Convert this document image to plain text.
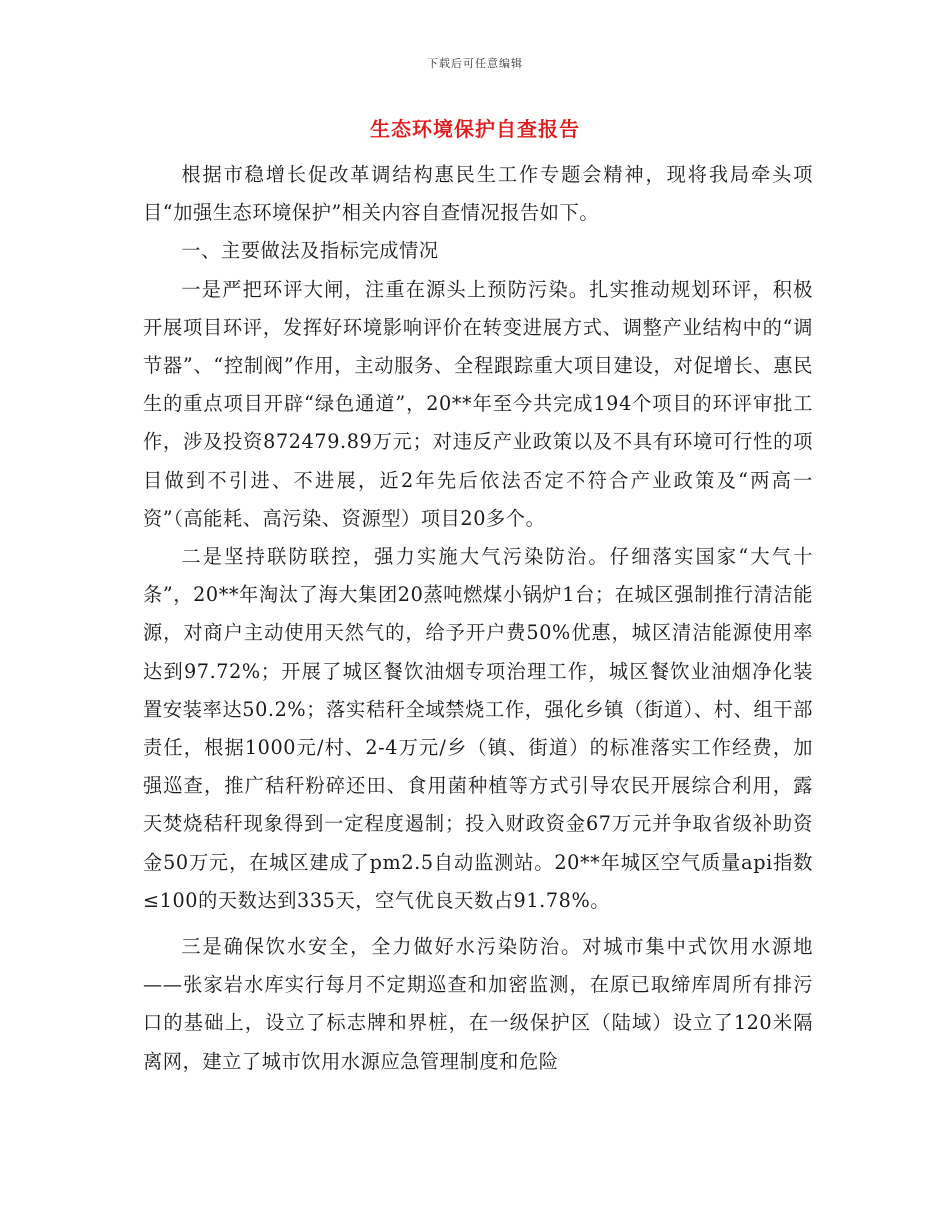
下载后可任意编辑
生态环境保护自查报告

根据市稳增长促改革调结构惠民生工作专题会精神，现将我局牵头项目“加强生态环境保护”相关内容自查情况报告如下。

一、主要做法及指标完成情况

一是严把环评大闸，注重在源头上预防污染。扎实推动规划环评，积极开展项目环评，发挥好环境影响评价在转变进展方式、调整产业结构中的“调节器”、“控制阀”作用，主动服务、全程跟踪重大项目建设，对促增长、惠民生的重点项目开辟“绿色通道”，20**年至今共完成194个项目的环评审批工作，涉及投资872479.89万元；对违反产业政策以及不具有环境可行性的项目做到不引进、不进展，近2年先后依法否定不符合产业政策及“两高一资”（高能耗、高污染、资源型）项目20多个。

二是坚持联防联控，强力实施大气污染防治。仔细落实国家“大气十条”，20**年淘汰了海大集团20蒸吨燃煤小锅炉1台；在城区强制推行清洁能源，对商户主动使用天然气的，给予开户费50%优惠，城区清洁能源使用率达到97.72%；开展了城区餐饮油烟专项治理工作，城区餐饮业油烟净化装置安装率达50.2%；落实秸秆全域禁烧工作，强化乡镇（街道）、村、组干部责任，根据1000元/村、2-4万元/乡（镇、街道）的标准落实工作经费，加强巡查，推广秸秆粉碎还田、食用菌种植等方式引导农民开展综合利用，露天焚烧秸秆现象得到一定程度遏制；投入财政资金67万元并争取省级补助资金50万元，在城区建成了pm2.5自动监测站。20**年城区空气质量api指数≤100的天数达到335天，空气优良天数占91.78%。

三是确保饮水安全，全力做好水污染防治。对城市集中式饮用水源地——张家岩水库实行每月不定期巡查和加密监测，在原已取缔库周所有排污口的基础上，设立了标志牌和界桩，在一级保护区（陆域）设立了120米隔离网，建立了城市饮用水源应急管理制度和危险
